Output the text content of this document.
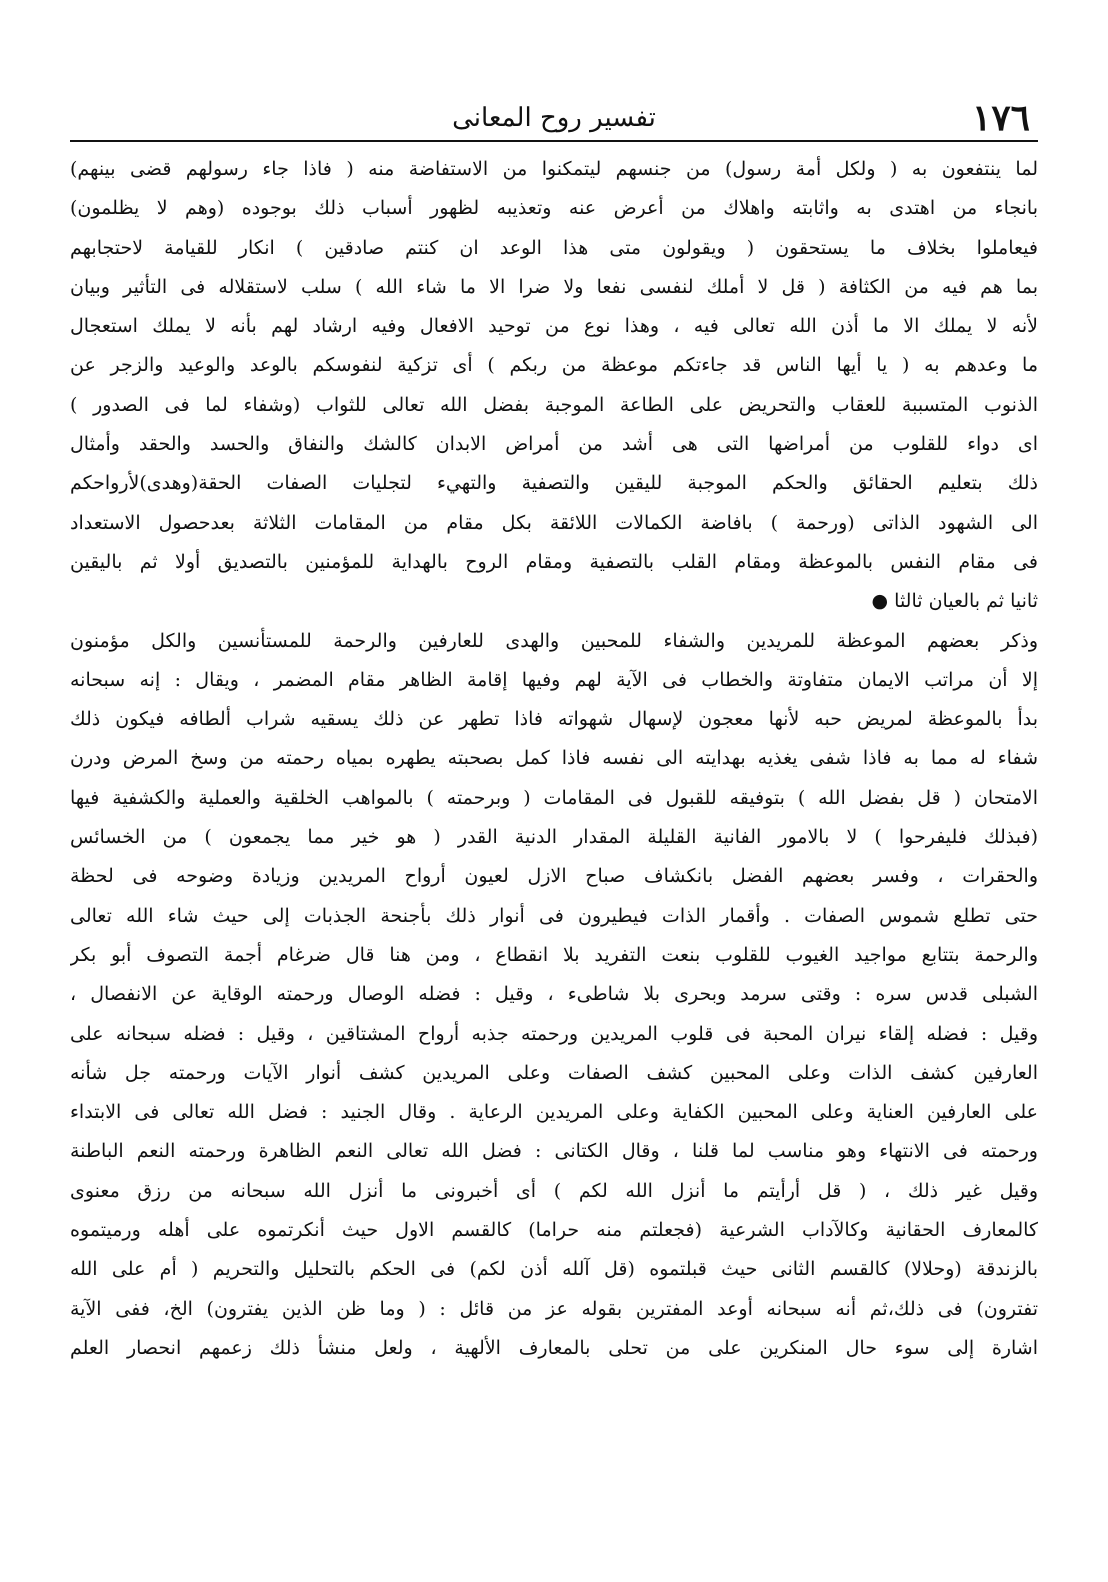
١٧٦
تفسير روح المعانى
لما ينتفعون به ( ولكل أمة رسول) من جنسهم ليتمكنوا من الاستفاضة منه ( فاذا جاء رسولهم قضى بينهم)
بانجاء من اهتدى به واثابته واهلاك من أعرض عنه وتعذيبه لظهور أسباب ذلك بوجوده (وهم لا يظلمون)
فيعاملوا بخلاف ما يستحقون ( ويقولون متى هذا الوعد ان كنتم صادقين ) انكار للقيامة لاحتجابهم
بما هم فيه من الكثافة ( قل لا أملك لنفسى نفعا ولا ضرا الا ما شاء الله ) سلب لاستقلاله فى التأثير وبيان
لأنه لا يملك الا ما أذن الله تعالى فيه ، وهذا نوع من توحيد الافعال وفيه ارشاد لهم بأنه لا يملك استعجال
ما وعدهم به ( يا أيها الناس قد جاءتكم موعظة من ربكم ) أى تزكية لنفوسكم بالوعد والوعيد والزجر عن
الذنوب المتسببة للعقاب والتحريض على الطاعة الموجبة بفضل الله تعالى للثواب (وشفاء لما فى الصدور )
اى دواء للقلوب من أمراضها التى هى أشد من أمراض الابدان كالشك والنفاق والحسد والحقد وأمثال
ذلك بتعليم الحقائق والحكم الموجبة لليقين والتصفية والتهيء لتجليات الصفات الحقة(وهدى)لأرواحكم
الى الشهود الذاتى (ورحمة ) بافاضة الكمالات اللائقة بكل مقام من المقامات الثلاثة بعدحصول الاستعداد
فى مقام النفس بالموعظة ومقام القلب بالتصفية ومقام الروح بالهداية للمؤمنين بالتصديق أولا ثم باليقين
ثانيا ثم بالعيان ثالثا ●
وذكر بعضهم الموعظة للمريدين والشفاء للمحبين والهدى للعارفين والرحمة للمستأنسين والكل مؤمنون
إلا أن مراتب الايمان متفاوتة والخطاب فى الآية لهم وفيها إقامة الظاهر مقام المضمر ، ويقال : إنه سبحانه
بدأ بالموعظة لمريض حبه لأنها معجون لإسهال شهواته فاذا تطهر عن ذلك يسقيه شراب ألطافه فيكون ذلك
شفاء له مما به فاذا شفى يغذيه بهدايته الى نفسه فاذا كمل بصحبته يطهره بمياه رحمته من وسخ المرض ودرن
الامتحان ( قل بفضل الله ) بتوفيقه للقبول فى المقامات ( وبرحمته ) بالمواهب الخلقية والعملية والكشفية فيها
(فبذلك فليفرحوا ) لا بالامور الفانية القليلة المقدار الدنية القدر ( هو خير مما يجمعون ) من الخسائس
والحقرات ، وفسر بعضهم الفضل بانكشاف صباح الازل لعيون أرواح المريدين وزيادة وضوحه فى لحظة
حتى تطلع شموس الصفات . وأقمار الذات فيطيرون فى أنوار ذلك بأجنحة الجذبات إلى حيث شاء الله تعالى
والرحمة بتتابع مواجيد الغيوب للقلوب بنعت التفريد بلا انقطاع ، ومن هنا قال ضرغام أجمة التصوف أبو بكر
الشبلى قدس سره : وقتى سرمد وبحرى بلا شاطىء ، وقيل : فضله الوصال ورحمته الوقاية عن الانفصال ،
وقيل : فضله إلقاء نيران المحبة فى قلوب المريدين ورحمته جذبه أرواح المشتاقين ، وقيل : فضله سبحانه على
العارفين كشف الذات وعلى المحبين كشف الصفات وعلى المريدين كشف أنوار الآيات ورحمته جل شأنه
على العارفين العناية وعلى المحبين الكفاية وعلى المريدين الرعاية . وقال الجنيد : فضل الله تعالى فى الابتداء
ورحمته فى الانتهاء وهو مناسب لما قلنا ، وقال الكتانى : فضل الله تعالى النعم الظاهرة ورحمته النعم الباطنة
وقيل غير ذلك ، ( قل أرأيتم ما أنزل الله لكم ) أى أخبرونى ما أنزل الله سبحانه من رزق معنوى
كالمعارف الحقانية وكالآداب الشرعية (فجعلتم منه حراما) كالقسم الاول حيث أنكرتموه على أهله ورميتموه
بالزندقة (وحلالا) كالقسم الثانى حيث قبلتموه (قل آلله أذن لكم) فى الحكم بالتحليل والتحريم ( أم على الله
تفترون) فى ذلك،ثم أنه سبحانه أوعد المفترين بقوله عز من قائل : ( وما ظن الذين يفترون) الخ، ففى الآية
اشارة إلى سوء حال المنكرين على من تحلى بالمعارف الألهية ، ولعل منشأ ذلك زعمهم انحصار العلم
